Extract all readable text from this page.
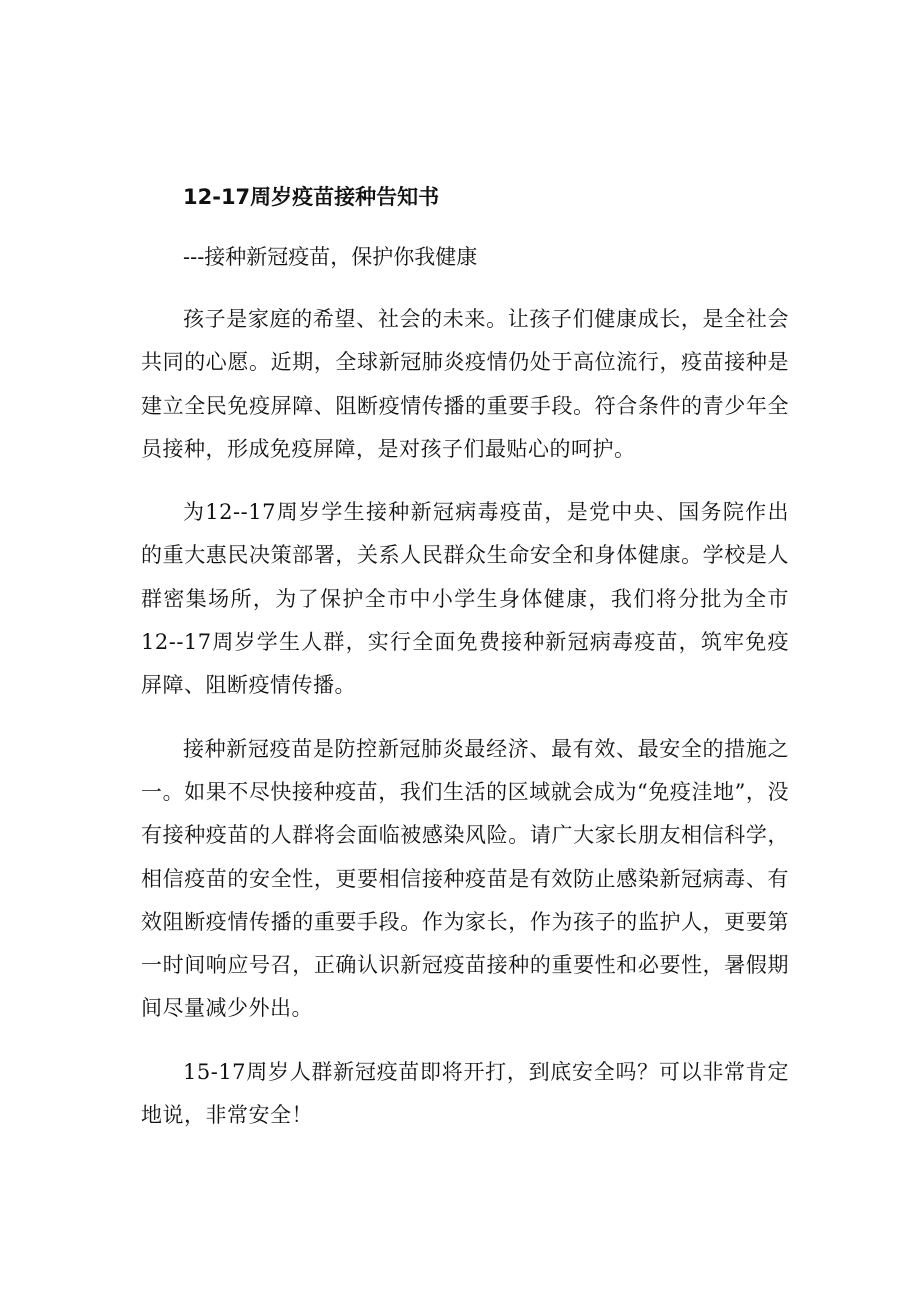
12-17周岁疫苗接种告知书

---接种新冠疫苗，保护你我健康

孩子是家庭的希望、社会的未来。让孩子们健康成长，是全社会共同的心愿。近期，全球新冠肺炎疫情仍处于高位流行，疫苗接种是建立全民免疫屏障、阻断疫情传播的重要手段。符合条件的青少年全员接种，形成免疫屏障，是对孩子们最贴心的呵护。

为12--17周岁学生接种新冠病毒疫苗，是党中央、国务院作出的重大惠民决策部署，关系人民群众生命安全和身体健康。学校是人群密集场所，为了保护全市中小学生身体健康，我们将分批为全市12--17周岁学生人群，实行全面免费接种新冠病毒疫苗，筑牢免疫屏障、阻断疫情传播。

接种新冠疫苗是防控新冠肺炎最经济、最有效、最安全的措施之一。如果不尽快接种疫苗，我们生活的区域就会成为“免疫洼地”，没有接种疫苗的人群将会面临被感染风险。请广大家长朋友相信科学，相信疫苗的安全性，更要相信接种疫苗是有效防止感染新冠病毒、有效阻断疫情传播的重要手段。作为家长，作为孩子的监护人，更要第一时间响应号召，正确认识新冠疫苗接种的重要性和必要性，暑假期间尽量减少外出。

15-17周岁人群新冠疫苗即将开打，到底安全吗？可以非常肯定地说，非常安全！
